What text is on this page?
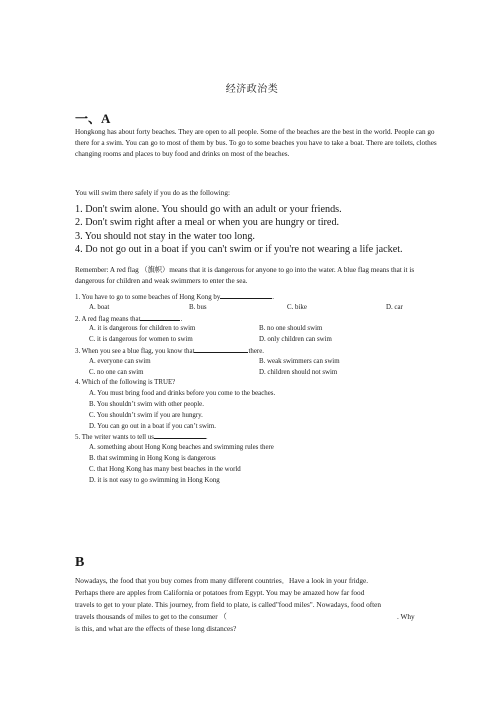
经济政治类
一、A
Hongkong has about forty beaches. They are open to all people. Some of the beaches are the best in the world. People can go there for a swim. You can go to most of them by bus. To go to some beaches you have to take a boat. There are toilets, clothes changing rooms and places to buy food and drinks on most of the beaches.
You will swim there safely if you do as the following:
1. Don't swim alone. You should go with an adult or your friends.
2. Don't swim right after a meal or when you are hungry or tired.
3. You should not stay in the water too long.
4. Do not go out in a boat if you can't swim or if you're not wearing a life jacket.
Remember: A red flag （旗帜）means that it is dangerous for anyone to go into the water. A blue flag means that it is dangerous for children and weak swimmers to enter the sea.
1. You have to go to some beaches of Hong Kong by	.
A. boat	B. bus	C. bike	D. car
2. A red flag means that	.
A. it is dangerous for children to swim	B. no one should swim
C. it is dangerous for women to swim	D. only children can swim
3. When you see a blue flag, you know that	there.
A. everyone can swim	B. weak swimmers can swim
C. no one can swim	D. children should not swim
4. Which of the following is TRUE?
A. You must bring food and drinks before you come to the beaches.
B. You shouldn’t swim with other people.
C. You shouldn’t swim if you are hungry.
D. You can go out in a boat if you can’t swim.
5. The writer wants to tell us	.
A. something about Hong Kong beaches and swimming rules there
B. that swimming in Hong Kong is dangerous
C. that Hong Kong has many best beaches in the world
D. it is not easy to go swimming in Hong Kong
B
Nowadays, the food that you buy comes from many different countries．Have a look in your fridge.
Perhaps there are apples from California or potatoes from Egypt. You may be amazed how far food
travels to get to your plate. This journey, from field to plate, is called"food miles". Nowadays, food often
travels thousands of miles to get to the consumer （	. Why
is this, and what are the effects of these long distances?
